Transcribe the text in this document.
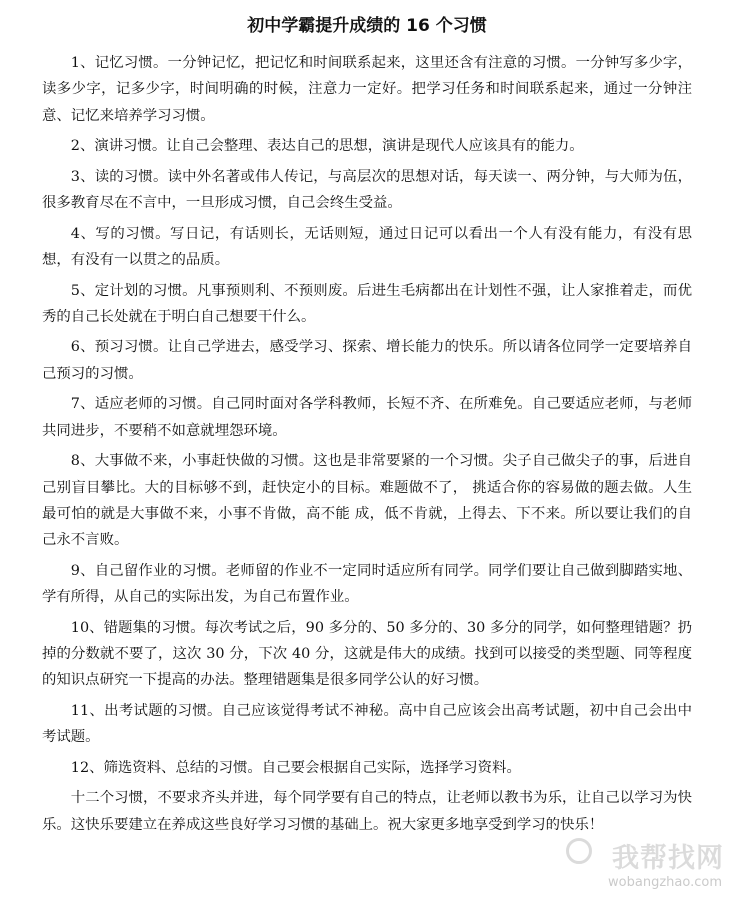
初中学霸提升成绩的 16 个习惯

1、记忆习惯。一分钟记忆，把记忆和时间联系起来，这里还含有注意的习惯。一分钟写多少字，读多少字，记多少字，时间明确的时候，注意力一定好。把学习任务和时间联系起来，通过一分钟注意、记忆来培养学习习惯。

2、演讲习惯。让自己会整理、表达自己的思想，演讲是现代人应该具有的能力。

3、读的习惯。读中外名著或伟人传记，与高层次的思想对话，每天读一、两分钟，与大师为伍，很多教育尽在不言中，一旦形成习惯，自己会终生受益。

4、写的习惯。写日记，有话则长，无话则短，通过日记可以看出一个人有没有能力，有没有思想，有没有一以贯之的品质。

5、定计划的习惯。凡事预则利、不预则废。后进生毛病都出在计划性不强，让人家推着走，而优秀的自己长处就在于明白自己想要干什么。

6、预习习惯。让自己学进去，感受学习、探索、增长能力的快乐。所以请各位同学一定要培养自己预习的习惯。

7、适应老师的习惯。自己同时面对各学科教师，长短不齐、在所难免。自己要适应老师，与老师共同进步，不要稍不如意就埋怨环境。

8、大事做不来，小事赶快做的习惯。这也是非常要紧的一个习惯。尖子自己做尖子的事，后进自己别盲目攀比。大的目标够不到，赶快定小的目标。难题做不了， 挑适合你的容易做的题去做。人生最可怕的就是大事做不来，小事不肯做，高不能 成，低不肯就，上得去、下不来。所以要让我们的自己永不言败。

9、自己留作业的习惯。老师留的作业不一定同时适应所有同学。同学们要让自己做到脚踏实地、学有所得，从自己的实际出发，为自己布置作业。

10、错题集的习惯。每次考试之后，90 多分的、50 多分的、30 多分的同学，如何整理错题？扔掉的分数就不要了，这次 30 分，下次 40 分，这就是伟大的成绩。找到可以接受的类型题、同等程度的知识点研究一下提高的办法。整理错题集是很多同学公认的好习惯。

11、出考试题的习惯。自己应该觉得考试不神秘。高中自己应该会出高考试题，初中自己会出中考试题。

12、筛选资料、总结的习惯。自己要会根据自己实际，选择学习资料。

十二个习惯，不要求齐头并进，每个同学要有自己的特点，让老师以教书为乐，让自己以学习为快乐。这快乐要建立在养成这些良好学习习惯的基础上。祝大家更多地享受到学习的快乐！

我帮找网
wobangzhao.com
